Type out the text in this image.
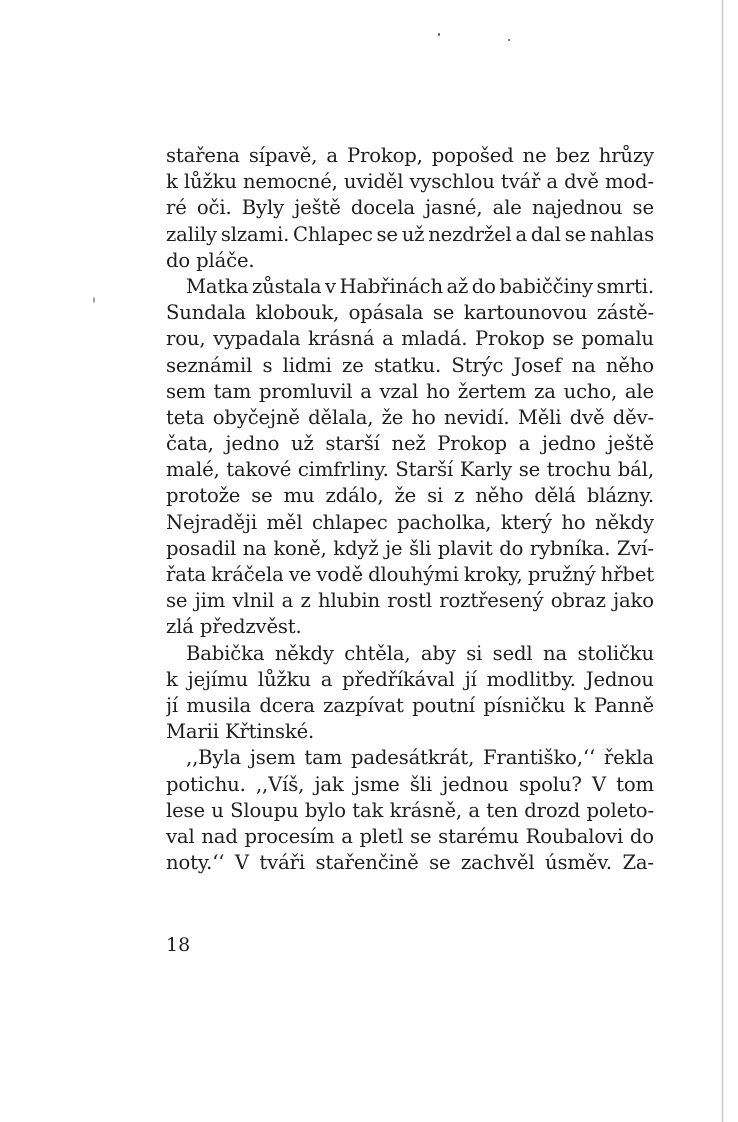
stařena sípavě, a Prokop, popošed ne bez hrůzy
k lůžku nemocné, uviděl vyschlou tvář a dvě mod-
ré oči. Byly ještě docela jasné, ale najednou se
zalily slzami. Chlapec se už nezdržel a dal se nahlas
do pláče.
Matka zůstala v Habřinách až do babiččiny smrti.
Sundala klobouk, opásala se kartounovou zástě-
rou, vypadala krásná a mladá. Prokop se pomalu
seznámil s lidmi ze statku. Strýc Josef na něho
sem tam promluvil a vzal ho žertem za ucho, ale
teta obyčejně dělala, že ho nevidí. Měli dvě děv-
čata, jedno už starší než Prokop a jedno ještě
malé, takové cimfrliny. Starší Karly se trochu bál,
protože se mu zdálo, že si z něho dělá blázny.
Nejraději měl chlapec pacholka, který ho někdy
posadil na koně, když je šli plavit do rybníka. Zví-
řata kráčela ve vodě dlouhými kroky, pružný hřbet
se jim vlnil a z hlubin rostl roztřesený obraz jako
zlá předzvěst.
Babička někdy chtěla, aby si sedl na stoličku
k jejímu lůžku a předříkával jí modlitby. Jednou
jí musila dcera zazpívat poutní písničku k Panně
Marii Křtinské.
,,Byla jsem tam padesátkrát, Františko,‘‘ řekla
potichu. ,,Víš, jak jsme šli jednou spolu? V tom
lese u Sloupu bylo tak krásně, a ten drozd poleto-
val nad procesím a pletl se starému Roubalovi do
noty.‘‘ V tváři stařenčině se zachvěl úsměv. Za-
18
